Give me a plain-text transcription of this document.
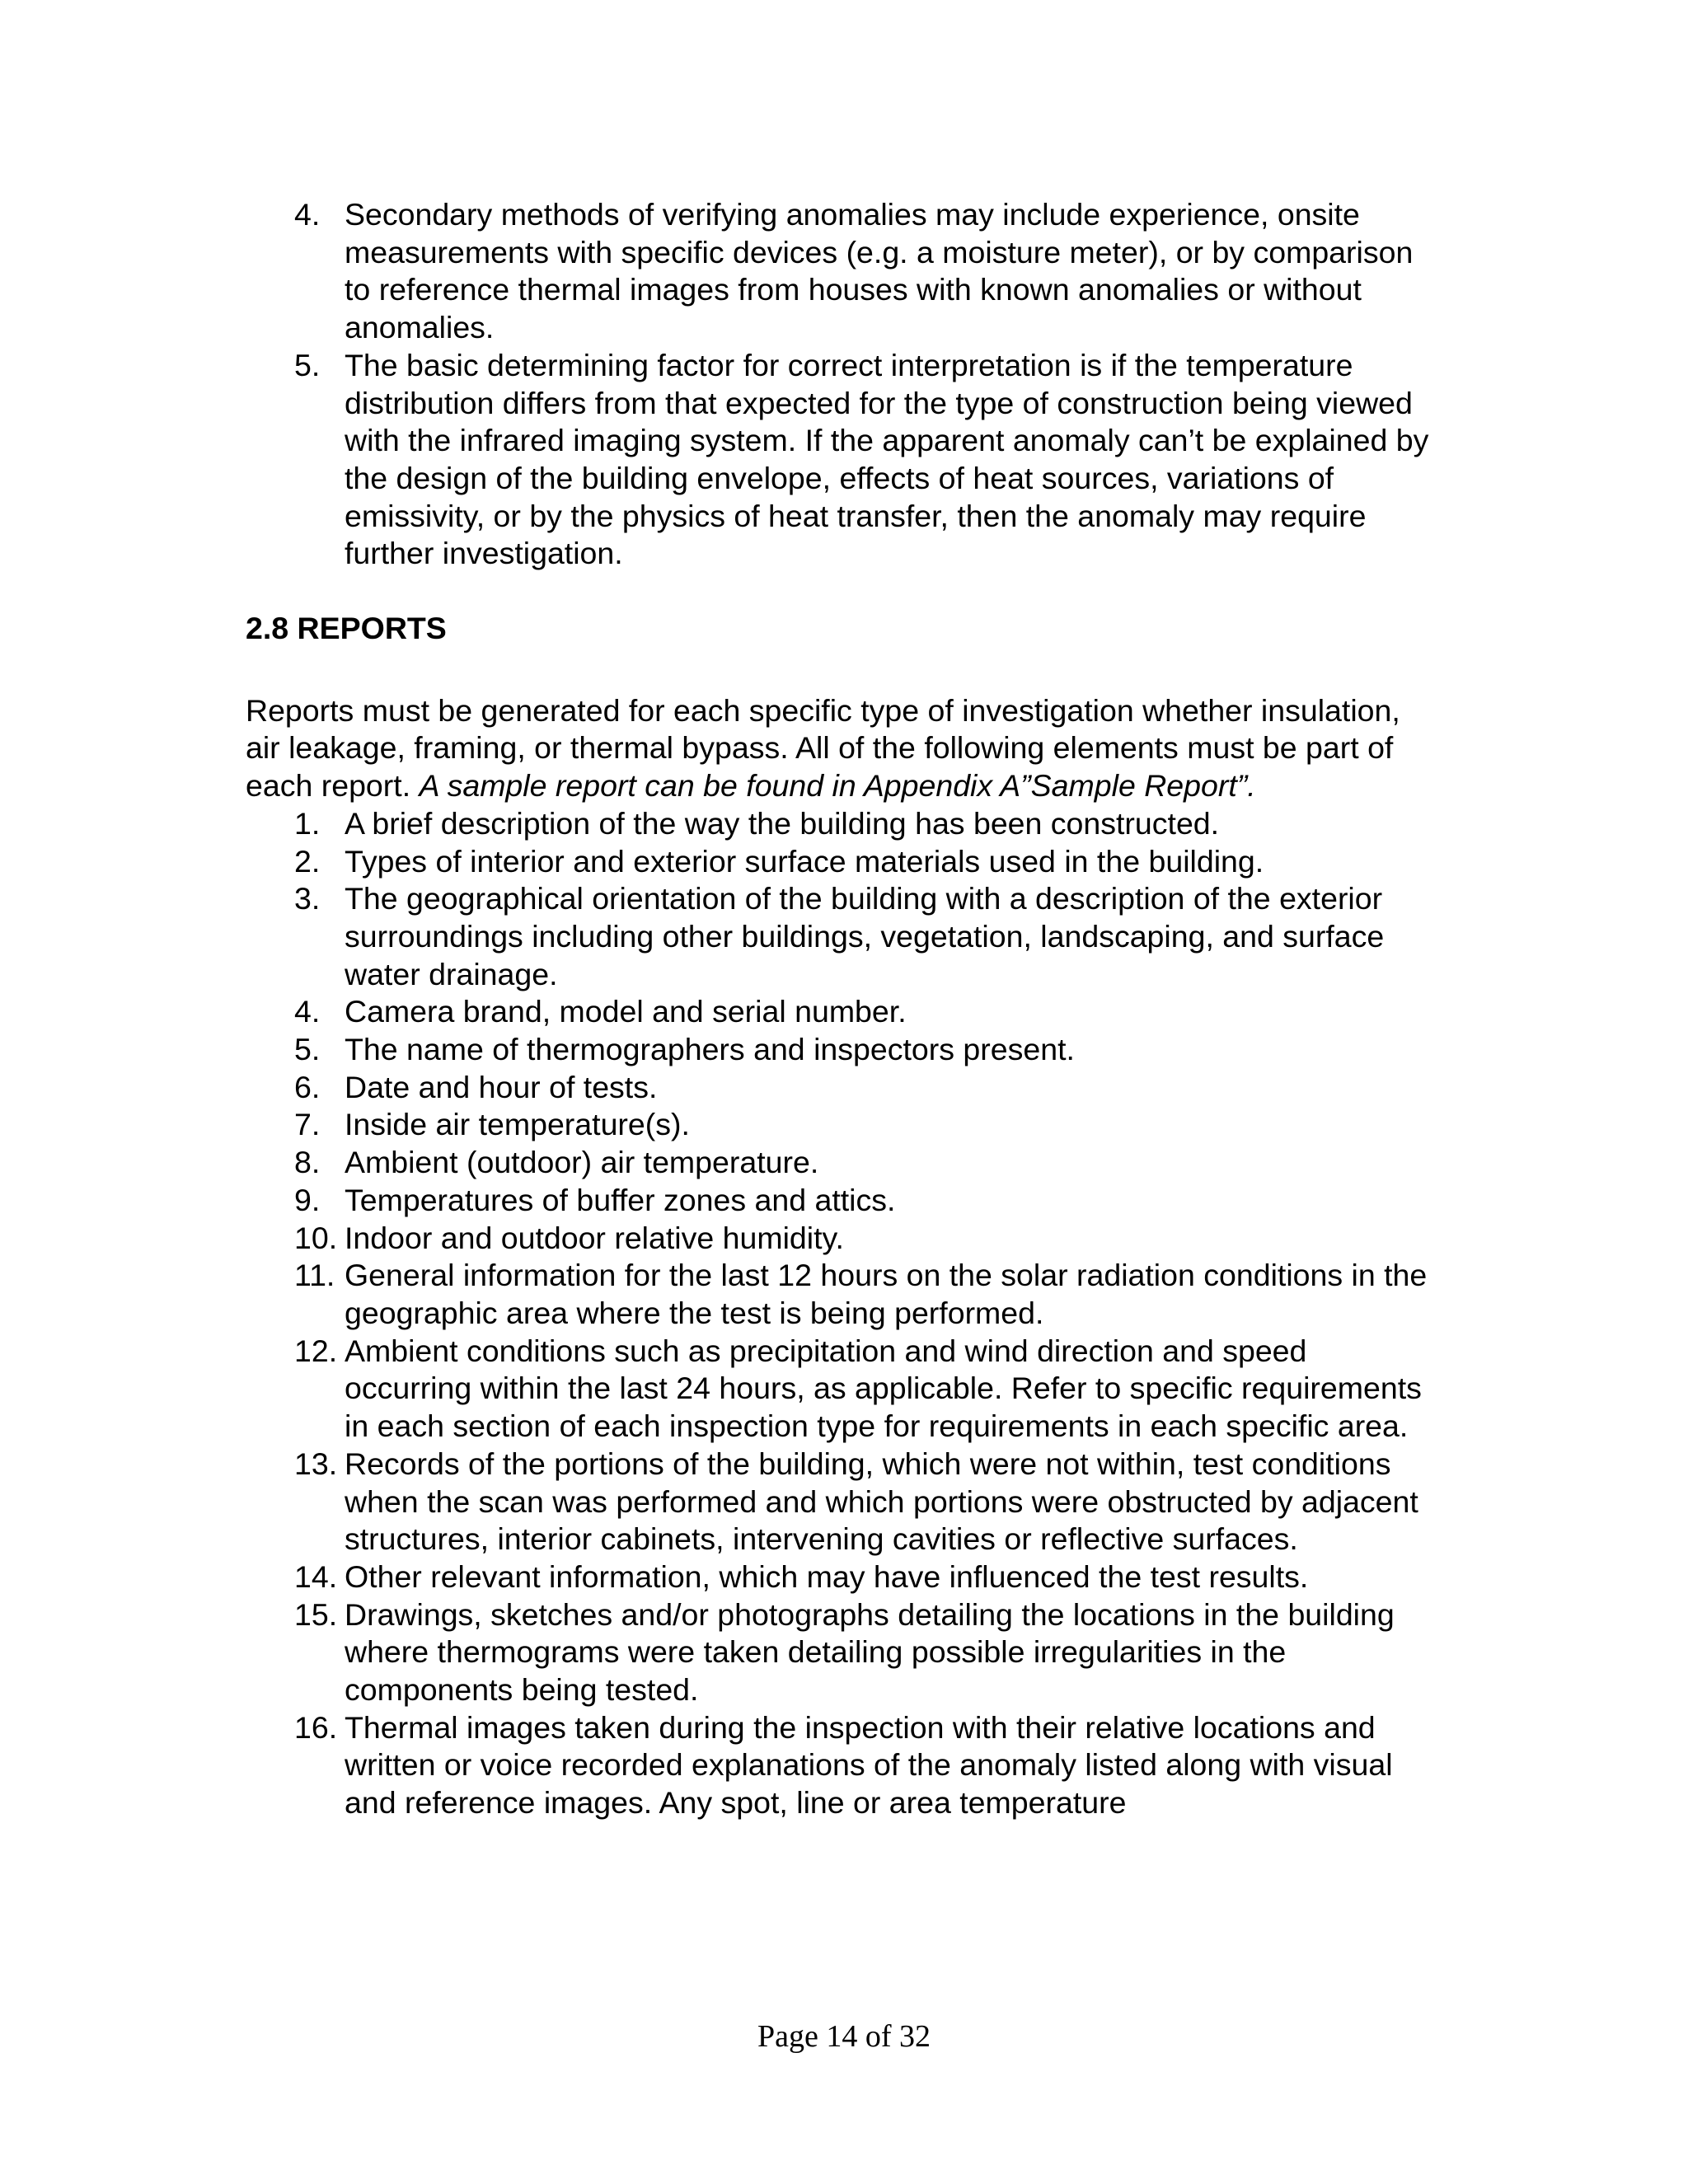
4. Secondary methods of verifying anomalies may include experience, onsite measurements with specific devices (e.g. a moisture meter), or by comparison to reference thermal images from houses with known anomalies or without anomalies.
5. The basic determining factor for correct interpretation is if the temperature distribution differs from that expected for the type of construction being viewed with the infrared imaging system. If the apparent anomaly can’t be explained by the design of the building envelope, effects of heat sources, variations of emissivity, or by the physics of heat transfer, then the anomaly may require further investigation.
2.8 REPORTS

Reports must be generated for each specific type of investigation whether insulation, air leakage, framing, or thermal bypass. All of the following elements must be part of each report. A sample report can be found in Appendix A”Sample Report”.

1. A brief description of the way the building has been constructed.
2. Types of interior and exterior surface materials used in the building.
3. The geographical orientation of the building with a description of the exterior surroundings including other buildings, vegetation, landscaping, and surface water drainage.
4. Camera brand, model and serial number.
5. The name of thermographers and inspectors present.
6. Date and hour of tests.
7. Inside air temperature(s).
8. Ambient (outdoor) air temperature.
9. Temperatures of buffer zones and attics.
10. Indoor and outdoor relative humidity.
11. General information for the last 12 hours on the solar radiation conditions in the geographic area where the test is being performed.
12. Ambient conditions such as precipitation and wind direction and speed occurring within the last 24 hours, as applicable. Refer to specific requirements in each section of each inspection type for requirements in each specific area.
13. Records of the portions of the building, which were not within, test conditions when the scan was performed and which portions were obstructed by adjacent structures, interior cabinets, intervening cavities or reflective surfaces.
14. Other relevant information, which may have influenced the test results.
15. Drawings, sketches and/or photographs detailing the locations in the building where thermograms were taken detailing possible irregularities in the components being tested.
16. Thermal images taken during the inspection with their relative locations and written or voice recorded explanations of the anomaly listed along with visual and reference images. Any spot, line or area temperature
Page 14 of 32
